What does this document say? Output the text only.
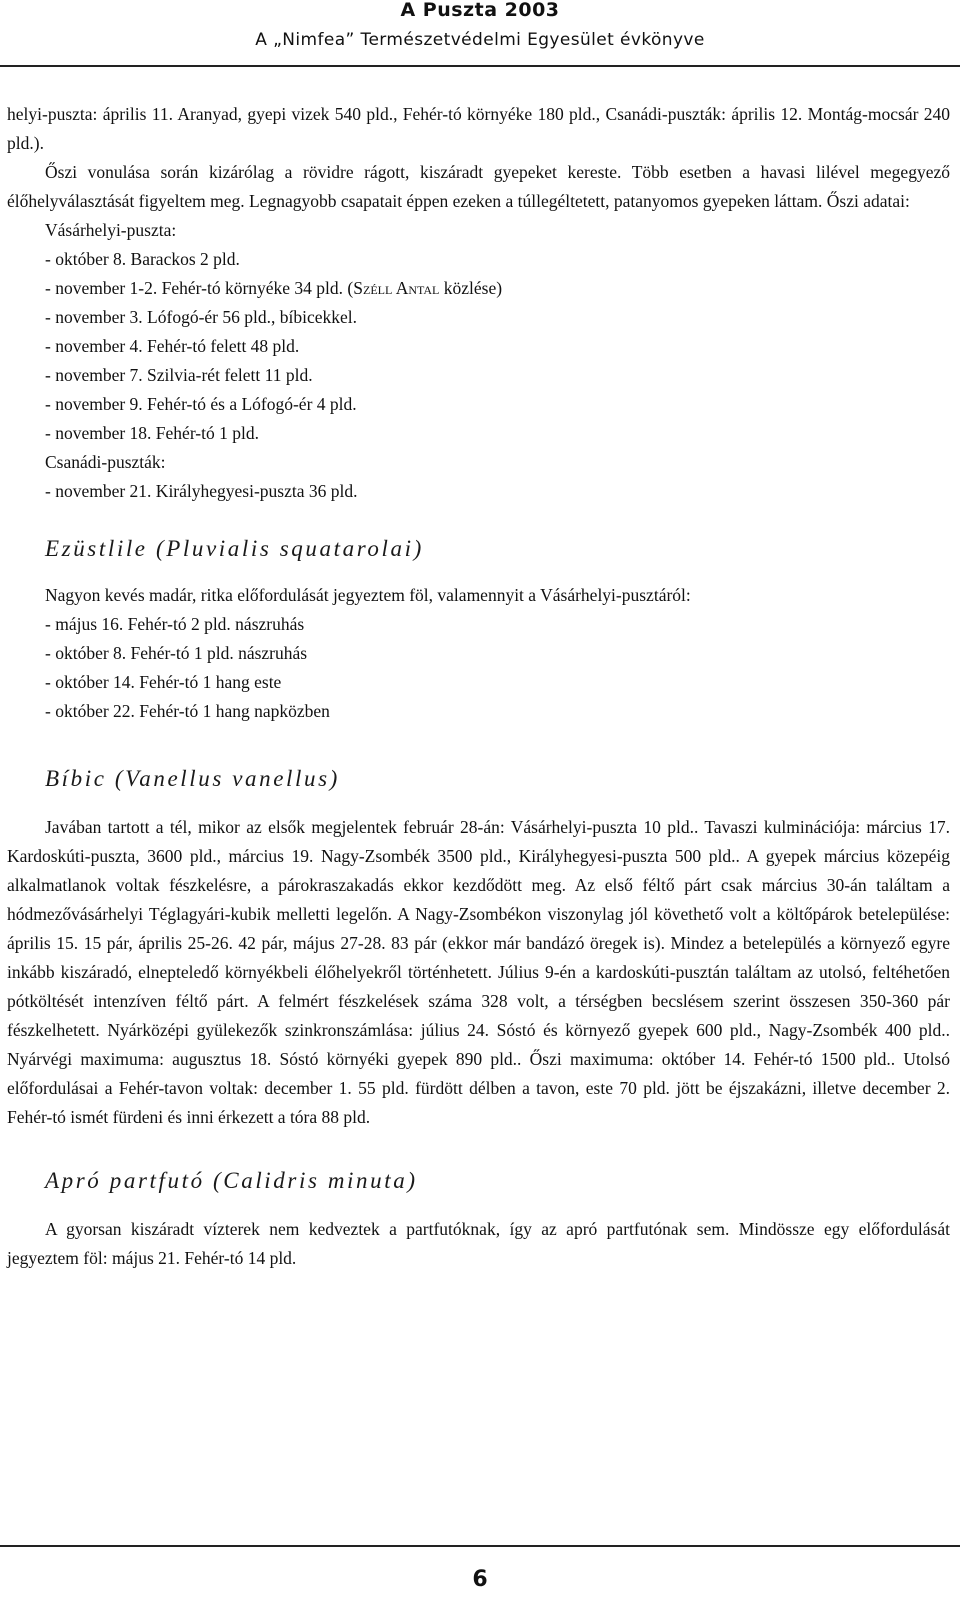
A Puszta 2003
A „Nimfea” Természetvédelmi Egyesület évkönyve

helyi-puszta: április 11. Aranyad, gyepi vizek 540 pld., Fehér-tó környéke 180 pld., Csanádi-puszták: április 12. Montág-mocsár 240 pld.).

Őszi vonulása során kizárólag a rövidre rágott, kiszáradt gyepeket kereste. Több esetben a havasi lilével megegyező élőhelyválasztását figyeltem meg. Legnagyobb csapatait éppen ezeken a túllegéltetett, patanyomos gyepeken láttam. Őszi adatai:

Vásárhelyi-puszta:
- október 8. Barackos 2 pld.
- november 1-2. Fehér-tó környéke 34 pld. (Széll Antal közlése)
- november 3. Lófogó-ér 56 pld., bíbicekkel.
- november 4. Fehér-tó felett 48 pld.
- november 7. Szilvia-rét felett 11 pld.
- november 9. Fehér-tó és a Lófogó-ér 4 pld.
- november 18. Fehér-tó 1 pld.
Csanádi-puszták:
- november 21. Királyhegyesi-puszta 36 pld.
Ezüstlile (Pluvialis squatarolai)

Nagyon kevés madár, ritka előfordulását jegyeztem föl, valamennyit a Vásárhelyi-pusztáról:

- május 16. Fehér-tó 2 pld. nászruhás
- október 8. Fehér-tó 1 pld. nászruhás
- október 14. Fehér-tó 1 hang este
- október 22. Fehér-tó 1 hang napközben
Bíbic (Vanellus vanellus)

Javában tartott a tél, mikor az elsők megjelentek február 28-án: Vásárhelyi-puszta 10 pld.. Tavaszi kulminációja: március 17. Kardoskúti-puszta, 3600 pld., március 19. Nagy-Zsombék 3500 pld., Királyhegyesi-puszta 500 pld.. A gyepek március közepéig alkalmatlanok voltak fészkelésre, a párokraszakadás ekkor kezdődött meg. Az első féltő párt csak március 30-án találtam a hódmezővásárhelyi Téglagyári-kubik melletti legelőn. A Nagy-Zsombékon viszonylag jól követhető volt a költőpárok betelepülése: április 15. 15 pár, április 25-26. 42 pár, május 27-28. 83 pár (ekkor már bandázó öregek is). Mindez a betelepülés a környező egyre inkább kiszáradó, elnepteledő környékbeli élőhelyekről történhetett. Július 9-én a kardoskúti-pusztán találtam az utolsó, feltéhetően pótköltését intenzíven féltő párt. A felmért fészkelések száma 328 volt, a térségben becslésem szerint összesen 350-360 pár fészkelhetett. Nyárközépi gyülekezők szinkronszámlása: július 24. Sóstó és környező gyepek 600 pld., Nagy-Zsombék 400 pld.. Nyárvégi maximuma: augusztus 18. Sóstó környéki gyepek 890 pld.. Őszi maximuma: október 14. Fehér-tó 1500 pld.. Utolsó előfordulásai a Fehér-tavon voltak: december 1. 55 pld. fürdött délben a tavon, este 70 pld. jött be éjszakázni, illetve december 2. Fehér-tó ismét fürdeni és inni érkezett a tóra 88 pld.

Apró partfutó (Calidris minuta)

A gyorsan kiszáradt vízterek nem kedveztek a partfutóknak, így az apró partfutónak sem. Mindössze egy előfordulását jegyeztem föl: május 21. Fehér-tó 14 pld.

6
